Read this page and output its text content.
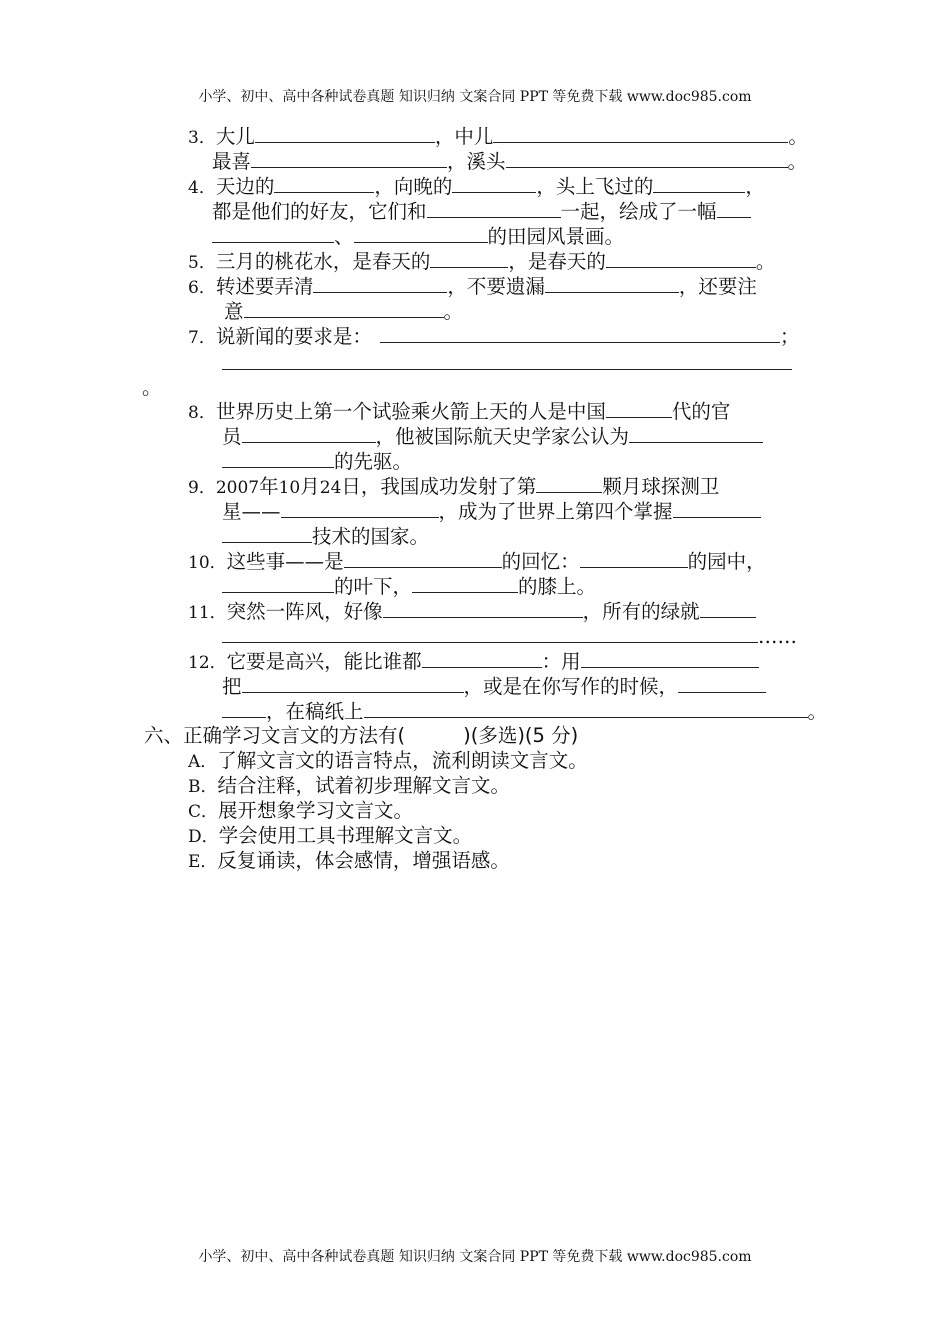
小学、初中、高中各种试卷真题 知识归纳 文案合同 PPT 等免费下载 www.doc985.com
3．大儿	，中儿	。
最喜	，溪头	。
4．天边的	，向晚的	，头上飞过的	，
都是他们的好友，它们和	一起，绘成了一幅
、	的田园风景画。
5．三月的桃花水，是春天的	，是春天的	。
6．转述要弄清	，不要遗漏	，还要注
意	。
7．说新闻的要求是：	；
。
8．世界历史上第一个试验乘火箭上天的人是中国	代的官
员	，他被国际航天史学家公认为
的先驱。
9．2007年10月24日，我国成功发射了第	颗月球探测卫
星——	，成为了世界上第四个掌握
技术的国家。
10．这些事——是	的回忆：	的园中，
的叶下，	的膝上。
11．突然一阵风，好像	，所有的绿就
……
12．它要是高兴，能比谁都	：用
把	，或是在你写作的时候，
，在稿纸上	。
六、正确学习文言文的方法有(	)(多选)(5 分)
A．了解文言文的语言特点，流利朗读文言文。
B．结合注释，试着初步理解文言文。
C．展开想象学习文言文。
D．学会使用工具书理解文言文。
E．反复诵读，体会感情，增强语感。
小学、初中、高中各种试卷真题 知识归纳 文案合同 PPT 等免费下载 www.doc985.com
